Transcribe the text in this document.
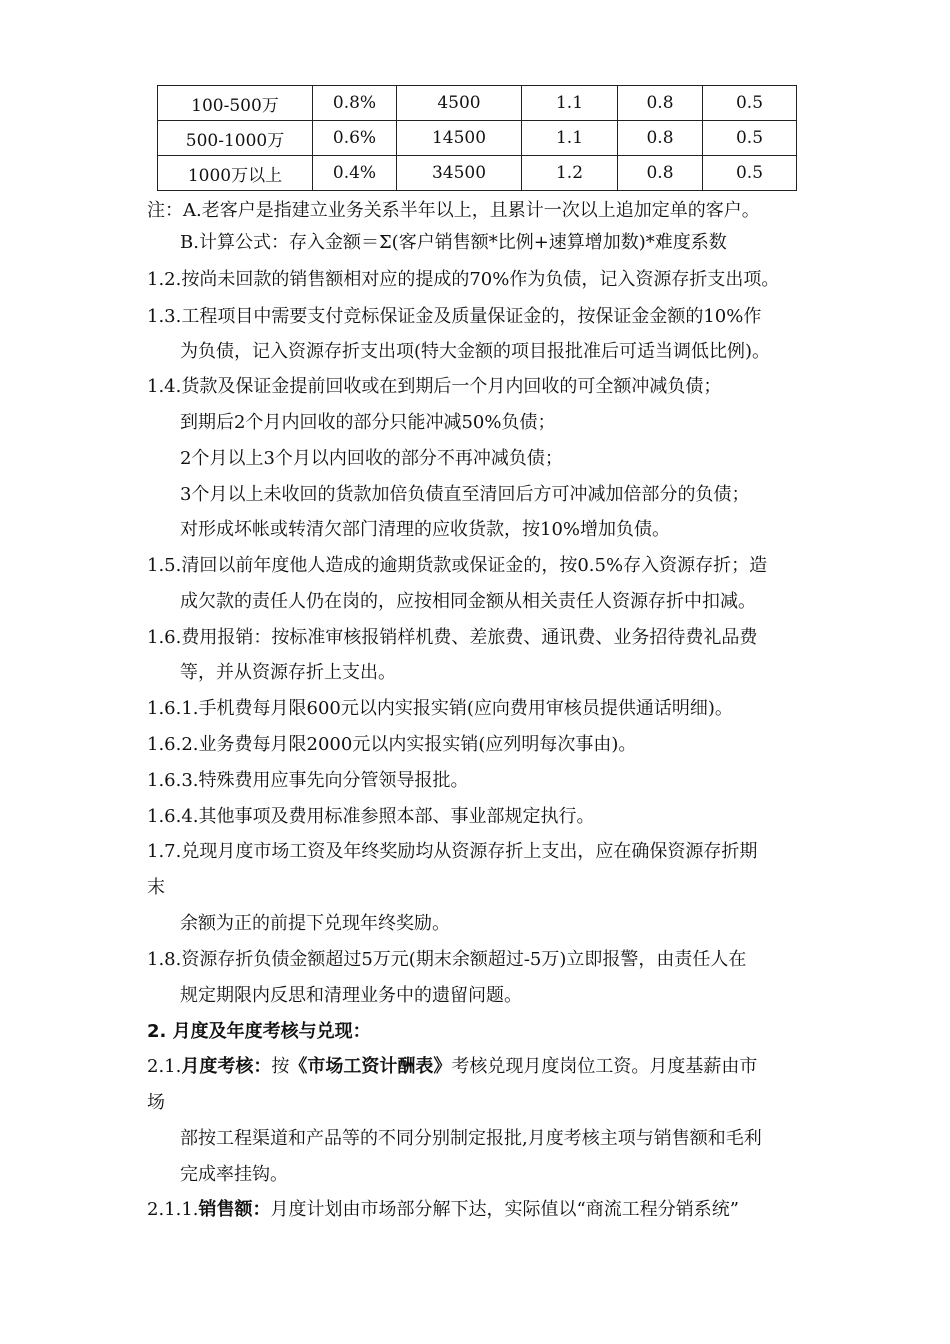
100-500万	0.8%	4500	1.1	0.8	0.5
500-1000万	0.6%	14500	1.1	0.8	0.5
1000万以上	0.4%	34500	1.2	0.8	0.5
注：A.老客户是指建立业务关系半年以上，且累计一次以上追加定单的客户。
B.计算公式：存入金额＝Σ(客户销售额*比例+速算增加数)*难度系数
1.2.按尚未回款的销售额相对应的提成的70%作为负债，记入资源存折支出项。
1.3.工程项目中需要支付竞标保证金及质量保证金的，按保证金金额的10%作
为负债，记入资源存折支出项(特大金额的项目报批准后可适当调低比例)。
1.4.货款及保证金提前回收或在到期后一个月内回收的可全额冲减负债；
到期后2个月内回收的部分只能冲减50%负债；
2个月以上3个月以内回收的部分不再冲减负债；
3个月以上未收回的货款加倍负债直至清回后方可冲减加倍部分的负债；
对形成坏帐或转清欠部门清理的应收货款，按10%增加负债。
1.5.清回以前年度他人造成的逾期货款或保证金的，按0.5%存入资源存折；造
成欠款的责任人仍在岗的，应按相同金额从相关责任人资源存折中扣减。
1.6.费用报销：按标准审核报销样机费、差旅费、通讯费、业务招待费礼品费
等，并从资源存折上支出。
1.6.1.手机费每月限600元以内实报实销(应向费用审核员提供通话明细)。
1.6.2.业务费每月限2000元以内实报实销(应列明每次事由)。
1.6.3.特殊费用应事先向分管领导报批。
1.6.4.其他事项及费用标准参照本部、事业部规定执行。
1.7.兑现月度市场工资及年终奖励均从资源存折上支出，应在确保资源存折期
末
余额为正的前提下兑现年终奖励。
1.8.资源存折负债金额超过5万元(期末余额超过-5万)立即报警，由责任人在
规定期限内反思和清理业务中的遗留问题。
2. 月度及年度考核与兑现：
2.1.月度考核：按《市场工资计酬表》考核兑现月度岗位工资。月度基薪由市
场
部按工程渠道和产品等的不同分别制定报批,月度考核主项与销售额和毛利
完成率挂钩。
2.1.1.销售额：月度计划由市场部分解下达，实际值以“商流工程分销系统”
